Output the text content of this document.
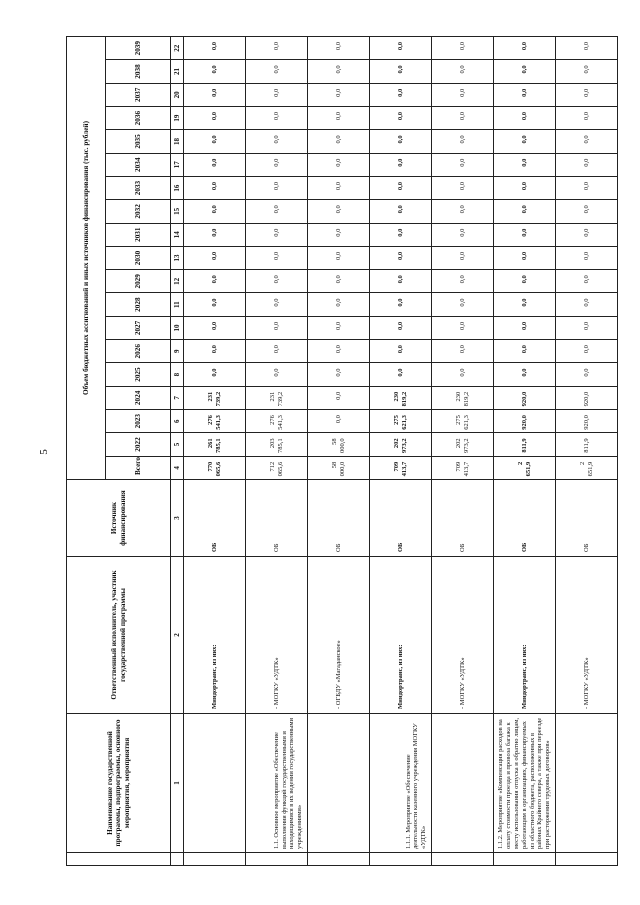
5
	Наименование государственной программы, подпрограммы, основного мероприятия, мероприятия	Ответственный исполнитель, участник государственной программы	Источник финансирования	Объем бюджетных ассигнований и иных источников финансирования (тыс. рублей)																		
				Всего	2022	2023	2024	2025	2026	2027	2028	2029	2030	2031	2032	2033	2034	2035	2036	2037	2038	2039
	1	2	3	4	5	6	7	8	9	10	11	12	13	14	15	16	17	18	19	20	21	22
		Миндортранс, из них:	ОБ	770 065,6	261 785,1	276 541,3	231 739,2	0,0	0,0	0,0	0,0	0,0	0,0	0,0	0,0	0,0	0,0	0,0	0,0	0,0	0,0	0,0
	1.1. Основное мероприятие «Обеспечение выполнения функций государственными и находящимися в их ведении государственными учреждениями»	- МОГКУ «УДТК»	ОБ	712 065,6	203 785,1	276 541,3	231 739,2	0,0	0,0	0,0	0,0	0,0	0,0	0,0	0,0	0,0	0,0	0,0	0,0	0,0	0,0	0,0
		- ОГБДУ «Магаданское»	ОБ	58 000,0	58 000,0	0,0	0,0	0,0	0,0	0,0	0,0	0,0	0,0	0,0	0,0	0,0	0,0	0,0	0,0	0,0	0,0	0,0
	1.1.1. Мероприятие «Обеспечение деятельности казенного учреждения МОГКУ «УДТК»	Миндортранс, из них:	ОБ	709 413,7	202 973,2	275 621,3	230 819,2	0,0	0,0	0,0	0,0	0,0	0,0	0,0	0,0	0,0	0,0	0,0	0,0	0,0	0,0	0,0
		- МОГКУ «УДТК»	ОБ	709 413,7	202 973,2	275 621,3	230 819,2	0,0	0,0	0,0	0,0	0,0	0,0	0,0	0,0	0,0	0,0	0,0	0,0	0,0	0,0	0,0
	1.1.2. Мероприятие «Компенсация расходов на оплату стоимости проезда и провоза багажа к месту использования отпуска и обратно лицам, работающим в организациях, финансируемых из областного бюджета, расположенных в районах Крайнего севера, а также при переезде при расторжении трудовых договоров»	Миндортранс, из них:	ОБ	2 651,9	811,9	920,0	920,0	0,0	0,0	0,0	0,0	0,0	0,0	0,0	0,0	0,0	0,0	0,0	0,0	0,0	0,0	0,0
		- МОГКУ «УДТК»	ОБ	2 651,9	811,9	920,0	920,0	0,0	0,0	0,0	0,0	0,0	0,0	0,0	0,0	0,0	0,0	0,0	0,0	0,0	0,0	0,0
